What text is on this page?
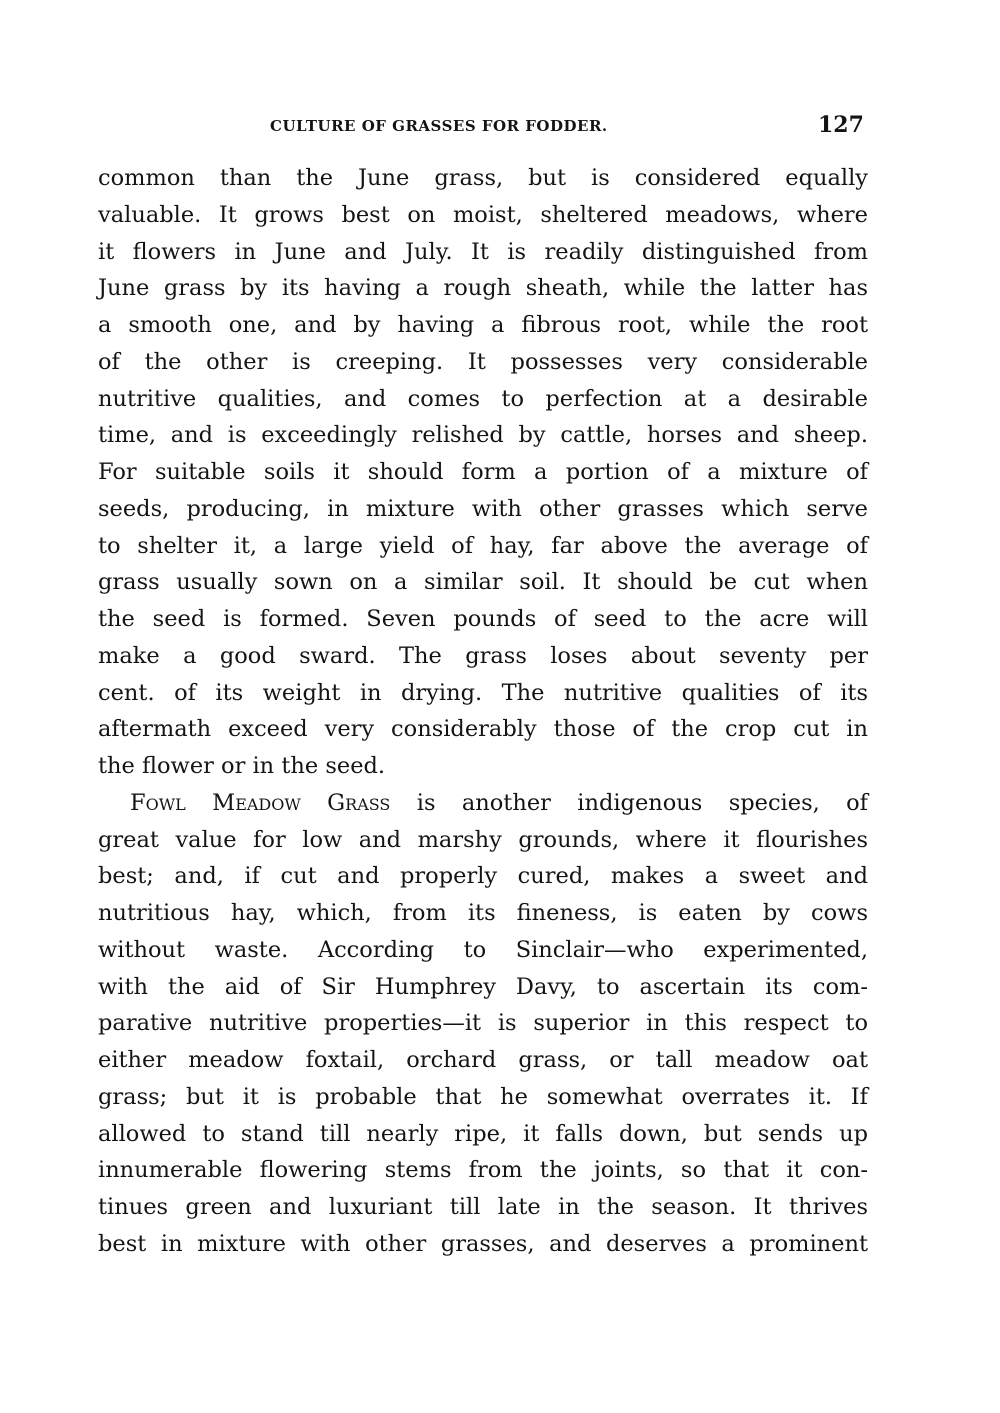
CULTURE OF GRASSES FOR FODDER.	127
common than the June grass, but is considered equally
valuable. It grows best on moist, sheltered meadows, where
it flowers in June and July. It is readily distinguished from
June grass by its having a rough sheath, while the latter has
a smooth one, and by having a fibrous root, while the root
of the other is creeping. It possesses very considerable
nutritive qualities, and comes to perfection at a desirable
time, and is exceedingly relished by cattle, horses and sheep.
For suitable soils it should form a portion of a mixture of
seeds, producing, in mixture with other grasses which serve
to shelter it, a large yield of hay, far above the average of
grass usually sown on a similar soil. It should be cut when
the seed is formed. Seven pounds of seed to the acre will
make a good sward. The grass loses about seventy per
cent. of its weight in drying. The nutritive qualities of its
aftermath exceed very considerably those of the crop cut in
the flower or in the seed.
Fowl Meadow Grass is another indigenous species, of
great value for low and marshy grounds, where it flourishes
best; and, if cut and properly cured, makes a sweet and
nutritious hay, which, from its fineness, is eaten by cows
without waste. According to Sinclair—who experimented,
with the aid of Sir Humphrey Davy, to ascertain its com-
parative nutritive properties—it is superior in this respect to
either meadow foxtail, orchard grass, or tall meadow oat
grass; but it is probable that he somewhat overrates it. If
allowed to stand till nearly ripe, it falls down, but sends up
innumerable flowering stems from the joints, so that it con-
tinues green and luxuriant till late in the season. It thrives
best in mixture with other grasses, and deserves a prominent
